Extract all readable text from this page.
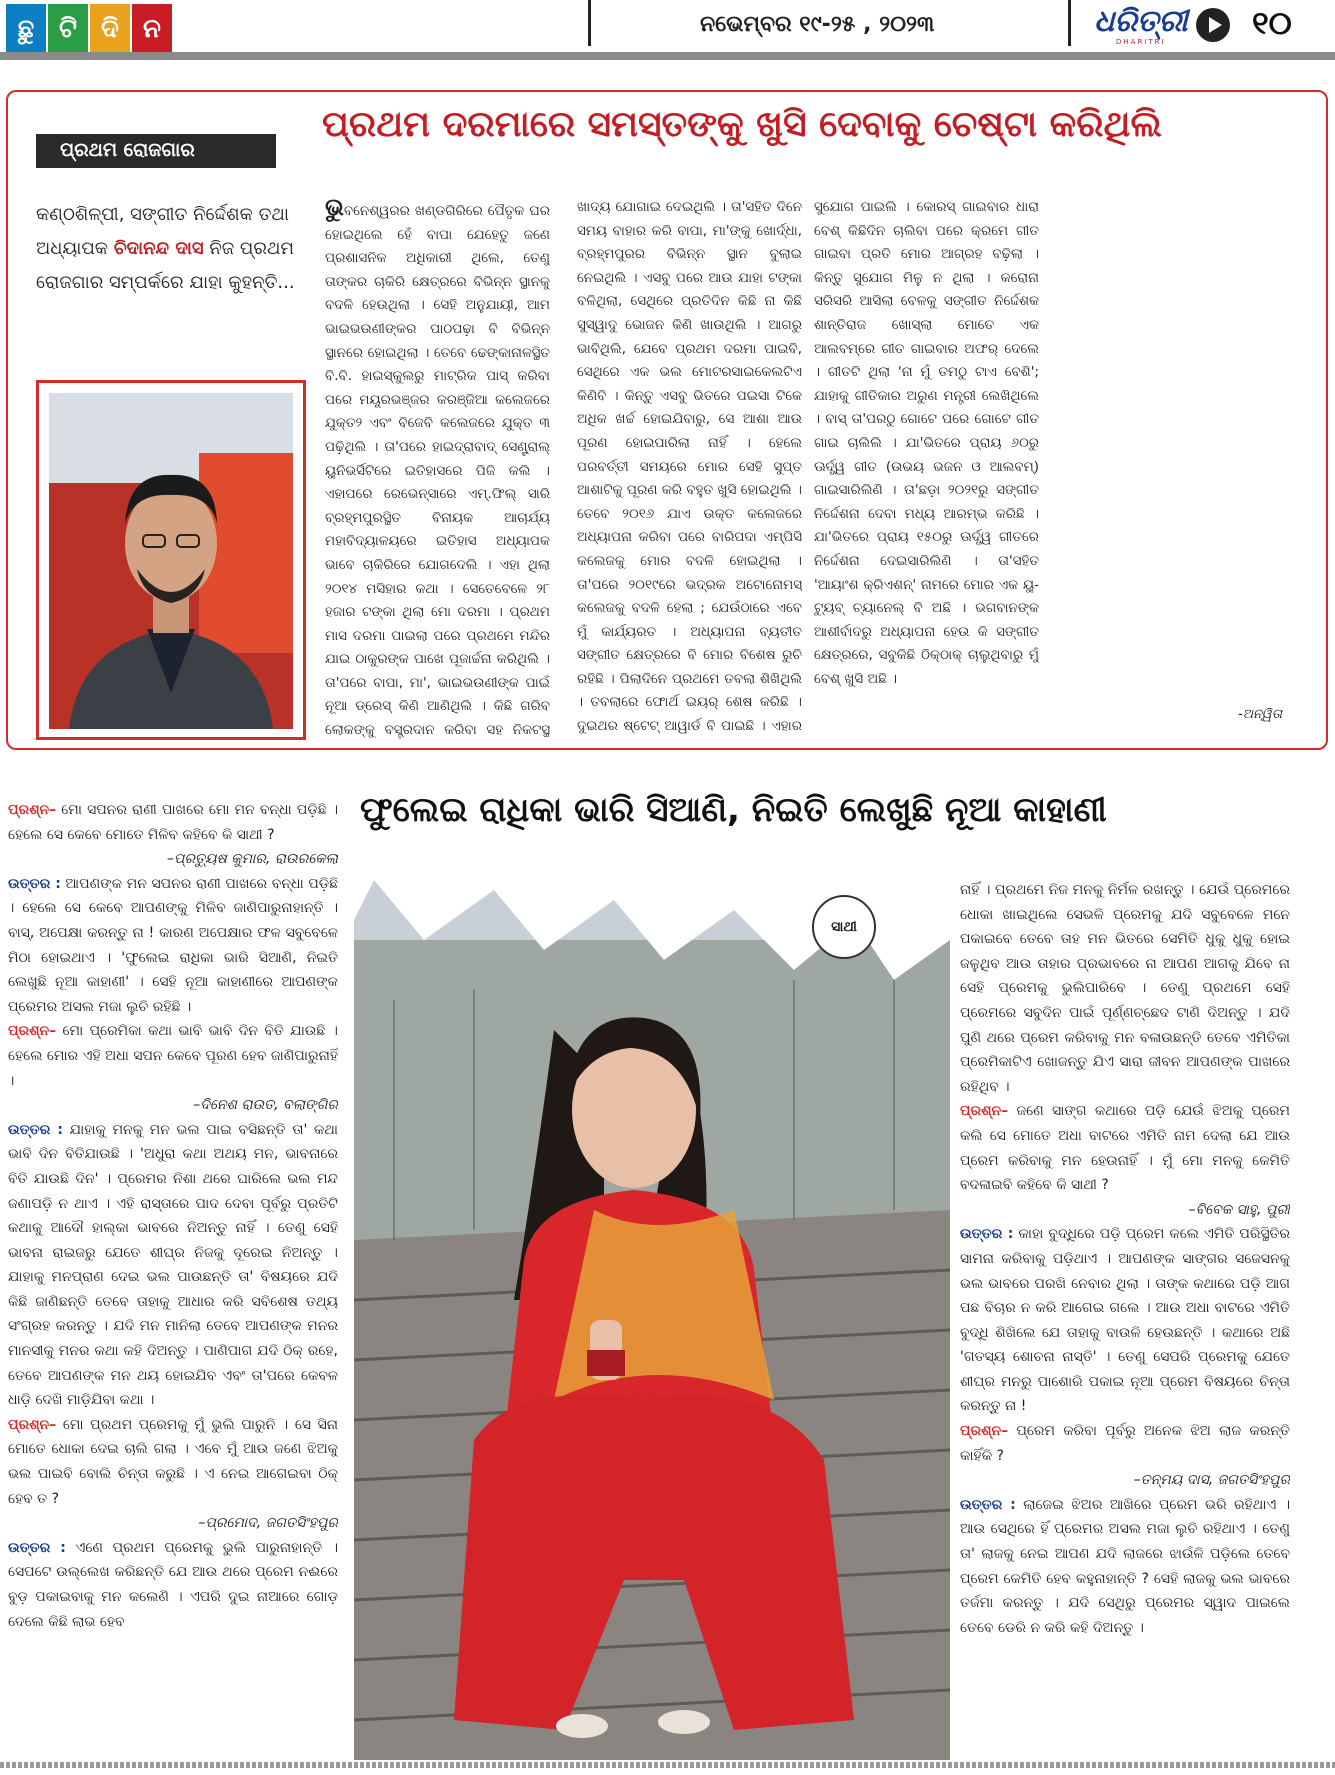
ଛୁ ଟି ଦି ନ	ନଭେମ୍ବର ୧୯-୨୫ , ୨୦୨୩	ଧରିତ୍ରୀ
DHARITRI	୧୦
ପ୍ରଥମ ଦରମାରେ ସମସ୍ତଙ୍କୁ ଖୁସି ଦେବାକୁ ଚେଷ୍ଟା କରିଥିଲି
ପ୍ରଥମ ରୋଜଗାର
କଣ୍ଠଶିଳ୍ପୀ, ସଙ୍ଗୀତ ନିର୍ଦ୍ଦେଶକ ତଥା ଅଧ୍ୟାପକ ଚିଦାନନ୍ଦ ଦାସ ନିଜ ପ୍ରଥମ ରୋଜଗାର ସମ୍ପର୍କରେ ଯାହା କୁହନ୍ତି...
ଭୁବନେଶ୍ୱରର ଖଣ୍ଡଗିରିରେ ପୈତୃକ ଘର ହୋଇଥିଲେ ହେଁ ବାପା ଯେହେତୁ ଜଣେ ପ୍ରଶାସନିକ ଅଧିକାରୀ ଥିଲେ, ତେଣୁ ତାଙ୍କର ଚାକିରି କ୍ଷେତ୍ରରେ ବିଭିନ୍ନ ସ୍ଥାନକୁ ବଦଳି ହେଉଥିଲା । ସେହି ଅନୁଯାୟୀ, ଆମ ଭାଇଭଉଣୀଙ୍କର ପାଠପଢ଼ା ବି ବିଭିନ୍ନ ସ୍ଥାନରେ ହୋଇଥିଲା । ତେବେ ଢେଙ୍କାନାଳସ୍ଥିତ ବି.ବି. ହାଇସ୍କୁଲରୁ ମାଟ୍ରିକ ପାସ୍ କରିବା ପରେ ମୟୂରଭଞ୍ଜର କରଞ୍ଜିଆ କଲେଜରେ ଯୁକ୍ତ୨ ଏବଂ ବିଜେବି କଲେଜରେ ଯୁକ୍ତ ୩ ପଢ଼ିଥିଲି । ତା'ପରେ ହାଇଦ୍ରାବାଦ୍ ସେଣ୍ଟ୍ରାଲ୍ ୟୁନିଭର୍ସିଟିରେ ଇତିହାସରେ ପିଜି କଲି । ଏହାପରେ ରେଭେନ୍ସାରେ ଏମ୍.ଫିଲ୍ ସାରି ବ୍ରହ୍ମପୁରସ୍ଥିତ ବିନାୟକ ଆଚାର୍ଯ୍ୟ ମହାବିଦ୍ୟାଳୟରେ ଇତିହାସ ଅଧ୍ୟାପକ ଭାବେ ଚାକିରିରେ ଯୋଗଦେଲି । ଏହା ଥିଲା ୨୦୧୪ ମସିହାର କଥା । ସେତେବେଳେ ୨୮ ହଜାର ଟଙ୍କା ଥିଲା ମୋ ଦରମା । ପ୍ରଥମ ମାସ ଦରମା ପାଇଲା ପରେ ପ୍ରଥମେ ମନ୍ଦିର ଯାଇ ଠାକୁରଙ୍କ ପାଖେ ପୂଜାର୍ଚ୍ଚନା କରିଥିଲି । ତା'ପରେ ବାପା, ମା', ଭାଇଭଉଣୀଙ୍କ ପାଇଁ ନୂଆ ଡ୍ରେସ୍ କିଣି ଆଣିଥିଲି । କିଛି ଗରିବ ଲୋକଙ୍କୁ ବସ୍ତ୍ରଦାନ କରିବା ସହ ନିକଟସ୍ଥ
ଖାଦ୍ୟ ଯୋଗାଇ ଦେଇଥିଲି । ତା'ସହିତ ଦିନେ ସମୟ ବାହାର କରି ବାପା, ମା'ଙ୍କୁ ଖୋର୍ଦ୍ଧା, ବ୍ରହ୍ମପୁରର ବିଭିନ୍ନ ସ୍ଥାନ ବୁଲାଇ ନେଇଥିଲି । ଏସବୁ ପରେ ଆଉ ଯାହା ଟଙ୍କା ବଳିଥିଲା, ସେଥିରେ ପ୍ରତିଦିନ କିଛି ନା କିଛି ସୁସ୍ୱାଦୁ ଭୋଜନ କିଣି ଖାଉଥିଲି । ଆଗରୁ ଭାବିଥିଲି, ଯେବେ ପ୍ରଥମ ଦରମା ପାଇବି, ସେଥିରେ ଏକ ଭଲ ମୋଟରସାଇକେଲଟିଏ କିଣିବି । କିନ୍ତୁ ଏସବୁ ଭିତରେ ପଇସା ଟିକେ ଅଧିକ ଖର୍ଚ୍ଚ ହୋଇଯିବାରୁ, ସେ ଆଶା ଆଉ ପୂରଣ ହୋଇପାରିଲା ନାହିଁ । ହେଲେ ପରବର୍ତ୍ତୀ ସମୟରେ ମୋର ସେହି ସୁପ୍ତ ଆଶାଟିକୁ ପୂରଣ କରି ବହୁତ ଖୁସି ହୋଇଥିଲି । ତେବେ ୨୦୧୬ ଯାଏ ଉକ୍ତ କଲେଜରେ ଅଧ୍ୟାପନା କରିବା ପରେ ବାରିପଦା ଏମ୍‌ପିସି କଲେଜକୁ ମୋର ବଦଳି ହୋଇଥିଲା । ତା'ପରେ ୨୦୧୯ରେ ଭଦ୍ରକ ଅଟୋନୋମସ୍ କଲେଜକୁ ବଦଳି ହେଲା ; ଯେଉଁଠାରେ ଏବେ ମୁଁ କାର୍ଯ୍ୟରତ । ଅଧ୍ୟାପନା ବ୍ୟତୀତ ସଙ୍ଗୀତ କ୍ଷେତ୍ରରେ ବି ମୋର ବିଶେଷ ରୁଚି ରହିଛି । ପିଲାଦିନେ ପ୍ରଥମେ ତବଲା ଶିଖିଥିଲି । ତବଲାରେ ଫୋର୍ଥ ଇୟର୍ ଶେଷ କରିଛି । ଦୁଇଥର ଷ୍ଟେଟ୍ ଆୱାର୍ଡ ବି ପାଇଛି । ଏହାର
ସୁଯୋଗ ପାଇଲି । କୋରସ୍ ଗାଇବାର ଧାରା ବେଶ୍ କିଛିଦିନ ଚାଲିବା ପରେ କ୍ରମେ ଗୀତ ଗାଇବା ପ୍ରତି ମୋର ଆଗ୍ରହ ବଢ଼ିଲା । କିନ୍ତୁ ସୁଯୋଗ ମିଳୁ ନ ଥିଲା । କରୋନା ସରିସରି ଆସିଲା ବେଳକୁ ସଙ୍ଗୀତ ନିର୍ଦ୍ଦେଶକ ଶାନ୍ତିରାଜ ଖୋସ୍‌ଲା ମୋତେ ଏକ ଆଲବମ୍‌ରେ ଗୀତ ଗାଇବାର ଅଫର୍ ଦେଲେ । ଗୀତଟି ଥିଲା 'ନା ମୁଁ ତମଠୁ ଟାଏ ବେଶି'; ଯାହାକୁ ଗୀତିକାର ଅରୁଣ ମନ୍ତ୍ରୀ ଲେଖିଥିଲେ । ବାସ୍ ତା'ପରଠୁ ଗୋଟେ ପରେ ଗୋଟେ ଗୀତ ଗାଇ ଚାଲିଲି । ଯା'ଭିତରେ ପ୍ରାୟ ୬୦ରୁ ଊର୍ଦ୍ଧ୍ୱ ଗୀତ (ଉଭୟ ଭଜନ ଓ ଆଲବମ୍) ଗାଇସାରିଲିଣି । ତା'ଛଡ଼ା ୨୦୨୧ରୁ ସଙ୍ଗୀତ ନିର୍ଦ୍ଦେଶନା ଦେବା ମଧ୍ୟ ଆରମ୍ଭ କରିଛି । ଯା'ଭିତରେ ପ୍ରାୟ ୧୫୦ରୁ ଊର୍ଦ୍ଧ୍ୱ ଗୀତରେ ନିର୍ଦ୍ଦେଶନା ଦେଇସାରିଲିଣି । ତା'ସହିତ 'ଆୟାଂଶ କ୍ରିଏଶନ୍' ନାମରେ ମୋର ଏକ ୟୁ-ଟ୍ୟୁବ୍ ଚ୍ୟାନେଲ୍ ବି ଅଛି । ଭଗବାନଙ୍କ ଆଶୀର୍ବାଦରୁ ଅଧ୍ୟାପନା ହେଉ କି ସଙ୍ଗୀତ କ୍ଷେତ୍ରରେ, ସବୁକିଛି ଠିକ୍‌ଠାକ୍ ଚାଲୁଥିବାରୁ ମୁଁ ବେଶ୍ ଖୁସି ଅଛି ।
-ଅନ୍ୱିତା
ଫୁଲେଇ ରାଧିକା ଭାରି ସିଆଣି, ନିଇତି ଲେଖୁଛି ନୂଆ କାହାଣୀ

ପ୍ରଶ୍ନ– ମୋ ସପନର ରାଣୀ ପାଖରେ ମୋ ମନ ବନ୍ଧା ପଡ଼ିଛି । ହେଲେ ସେ କେବେ ମୋତେ ମିଳିବ କହିବେ କି ସାଥୀ ?

–ପ୍ରତ୍ୟୁଷ କୁମାର, ରାଉରକେଲା

ଉତ୍ତର : ଆପଣଙ୍କ ମନ ସପନର ରାଣୀ ପାଖରେ ବନ୍ଧା ପଡ଼ିଛି । ହେଲେ ସେ କେବେ ଆପଣଙ୍କୁ ମିଳିବ ଜାଣିପାରୁନାହାନ୍ତି । ବାସ୍, ଅପେକ୍ଷା କରନ୍ତୁ ନା ! କାରଣ ଅପେକ୍ଷାର ଫଳ ସବୁବେଳେ ମିଠା ହୋଇଥାଏ । 'ଫୁଲେଇ ରାଧିକା ଭାରି ସିଆଣି, ନିଇତି ଲେଖୁଛି ନୂଆ କାହାଣୀ' । ସେହି ନୂଆ କାହାଣୀରେ ଆପଣଙ୍କ ପ୍ରେମର ଅସଲ ମଜା ଲୁଚି ରହିଛି ।

ପ୍ରଶ୍ନ– ମୋ ପ୍ରେମିକା କଥା ଭାବି ଭାବି ଦିନ ବିତି ଯାଉଛି । ହେଲେ ମୋର ଏହି ଅଧା ସପନ କେବେ ପୂରଣ ହେବ ଜାଣିପାରୁନାହିଁ ।

–ଦିନେଶ ରାଉତ, ବଲାଙ୍ଗିର

ଉତ୍ତର : ଯାହାକୁ ମନକୁ ମନ ଭଲ ପାଇ ବସିଛନ୍ତି ତା' କଥା ଭାବି ଦିନ ବିତିଯାଉଛି । 'ଅଧୁରା କଥା ଅଥୟ ମନ, ଭାବନାରେ ବିତି ଯାଉଛି ଦିନ' । ପ୍ରେମର ନିଶା ଥରେ ଘାରିଲେ ଭଲ ମନ୍ଦ ଜଣାପଡ଼ି ନ ଥାଏ । ଏହି ରାସ୍ତାରେ ପାଦ ଦେବା ପୂର୍ବରୁ ପ୍ରତିଟି କଥାକୁ ଆଦୌ ହାଲ୍‌କା ଭାବରେ ନିଅନ୍ତୁ ନାହିଁ । ତେଣୁ ସେହି ଭାବନା ରାଇଜରୁ ଯେତେ ଶୀଘ୍ର ନିଜକୁ ଦୂରେଇ ନିଅନ୍ତୁ । ଯାହାକୁ ମନପ୍ରାଣ ଦେଇ ଭଲ ପାଉଛନ୍ତି ତା' ବିଷୟରେ ଯଦି କିଛି ଜାଣିଛନ୍ତି ତେବେ ତାହାକୁ ଆଧାର କରି ସବିଶେଷ ତଥ୍ୟ ସଂଗ୍ରହ କରନ୍ତୁ । ଯଦି ମନ ମାନିଲା ତେବେ ଆପଣଙ୍କ ମନର ମାନସୀକୁ ମନର କଥା କହି ଦିଅନ୍ତୁ । ପାଣିପାଗ ଯଦି ଠିକ୍ ରହେ, ତେବେ ଆପଣଙ୍କ ମନ ଥୟ ହୋଇଯିବ ଏବଂ ତା'ପରେ କେବଳ ଧାଡ଼ି ଦେଖି ମାଡ଼ିଯିବା କଥା ।

ପ୍ରଶ୍ନ– ମୋ ପ୍ରଥମ ପ୍ରେମକୁ ମୁଁ ଭୁଲି ପାରୁନି । ସେ ସିନା ମୋତେ ଧୋକା ଦେଇ ଚାଲି ଗଲା । ଏବେ ମୁଁ ଆଉ ଜଣେ ଝିଅକୁ ଭଲ ପାଇବି ବୋଲି ଚିନ୍ତା କରୁଛି । ଏ ନେଇ ଆଗେଇବା ଠିକ୍ ହେବ ତ ?

–ପ୍ରମୋଦ, ଜଗତସିଂହପୁର

ଉତ୍ତର : ଏଣେ ପ୍ରଥମ ପ୍ରେମକୁ ଭୁଲି ପାରୁନାହାନ୍ତି । ସେପଟେ ଉଲ୍ଲେଖ କରିଛନ୍ତି ଯେ ଆଉ ଥରେ ପ୍ରେମ ନଈରେ ବୁଡ଼ ପକାଇବାକୁ ମନ କଲେଣି । ଏପରି ଦୁଇ ନାଆରେ ଗୋଡ଼ ଦେଲେ କିଛି ଲାଭ ହେବ

ସାଥୀ

ନାହିଁ । ପ୍ରଥମେ ନିଜ ମନକୁ ନିର୍ମଳ ରଖନ୍ତୁ । ଯେଉଁ ପ୍ରେମରେ ଧୋକା ଖାଇଥିଲେ ସେଭଳି ପ୍ରେମକୁ ଯଦି ସବୁବେଳେ ମନେ ପକାଇବେ ତେବେ ତାହ ମନ ଭିତରେ ସେମିତି ଧୁକୁ ଧୁକୁ ହୋଇ ଜଳୁଥିବ ଆଉ ତାହାର ପ୍ରଭାବରେ ନା ଆପଣ ଆଗକୁ ଯିବେ ନା ସେହି ପ୍ରେମକୁ ଭୁଲିପାରିବେ । ତେଣୁ ପ୍ରଥମେ ସେହି ପ୍ରେମରେ ସବୁଦିନ ପାଇଁ ପୂର୍ଣ୍ଣଚ୍ଛେଦ ଟାଣି ଦିଅନ୍ତୁ । ଯଦି ପୁଣି ଥରେ ପ୍ରେମ କରିବାକୁ ମନ ବଳାଉଛନ୍ତି ତେବେ ଏମିତିକା ପ୍ରେମିକାଟିଏ ଖୋଜନ୍ତୁ ଯିଏ ସାରା ଜୀବନ ଆପଣଙ୍କ ପାଖରେ ରହିଥିବ ।

ପ୍ରଶ୍ନ– ଜଣେ ସାଙ୍ଗ କଥାରେ ପଡ଼ି ଯେଉଁ ଝିଅକୁ ପ୍ରେମ କଲି ସେ ମୋତେ ଅଧା ବାଟରେ ଏମିତି ନାମ ଦେଲା ଯେ ଆଉ ପ୍ରେମ କରିବାକୁ ମନ ହେଉନାହିଁ । ମୁଁ ମୋ ମନକୁ କେମିତି ବଦଳାଇବି କହିବେ କି ସାଥୀ ?

–ବିବେକ ସାହୁ, ପୁରୀ

ଉତ୍ତର : କାହା ବୁଦ୍ଧିରେ ପଡ଼ି ପ୍ରେମ କଲେ ଏମିତି ପରିସ୍ଥିତିର ସାମନା କରିବାକୁ ପଡ଼ିଥାଏ । ଆପଣଙ୍କ ସାଙ୍ଗର ସଜେସନକୁ ଭଲ ଭାବରେ ପରଖି ନେବାର ଥିଲା । ତାଙ୍କ କଥାରେ ପଡ଼ି ଆଗ ପଛ ବିଚାର ନ କରି ଆଗେଇ ଗଲେ । ଆଉ ଅଧା ବାଟରେ ଏମିତି ବୁଦ୍ଧି ଶିଖିଲେ ଯେ ତାହାକୁ ବାଉଳି ହେଉଛନ୍ତି । କଥାରେ ଅଛି 'ଗତସ୍ୟ ଶୋଚନା ନାସ୍ତି' । ତେଣୁ ସେପରି ପ୍ରେମକୁ ଯେତେ ଶୀଘ୍ର ମନରୁ ପାଶୋରି ପକାଇ ନୂଆ ପ୍ରେମ ବିଷୟରେ ଚିନ୍ତା କରନ୍ତୁ ନା !

ପ୍ରଶ୍ନ– ପ୍ରେମ କରିବା ପୂର୍ବରୁ ଅନେକ ଝିଅ ଲାଜ କରନ୍ତି କାହିଁକି ?

–ତନ୍ମୟ ଦାସ, ଜଗତସିଂହପୁର

ଉତ୍ତର : ଲାଜେଇ ଝିଅର ଆଖିରେ ପ୍ରେମ ଭରି ରହିଥାଏ । ଆଉ ସେଥିରେ ହିଁ ପ୍ରେମର ଅସଲ ମଜା ଲୁଚି ରହିଥାଏ । ତେଣୁ ତା' ଲାଜକୁ ନେଇ ଆପଣ ଯଦି ଲାଜରେ ଝାଉଁଳି ପଡ଼ିଲେ ତେବେ ପ୍ରେମ କେମିତି ହେବ କହୁନାହାନ୍ତି ? ସେହି ଲାଜକୁ ଭଲ ଭାବରେ ତର୍ଜମା କରନ୍ତୁ । ଯଦି ସେଥିରୁ ପ୍ରେମର ସ୍ୱାଦ ପାଇଲେ ତେବେ ଡେରି ନ କରି କହି ଦିଅନ୍ତୁ ।
